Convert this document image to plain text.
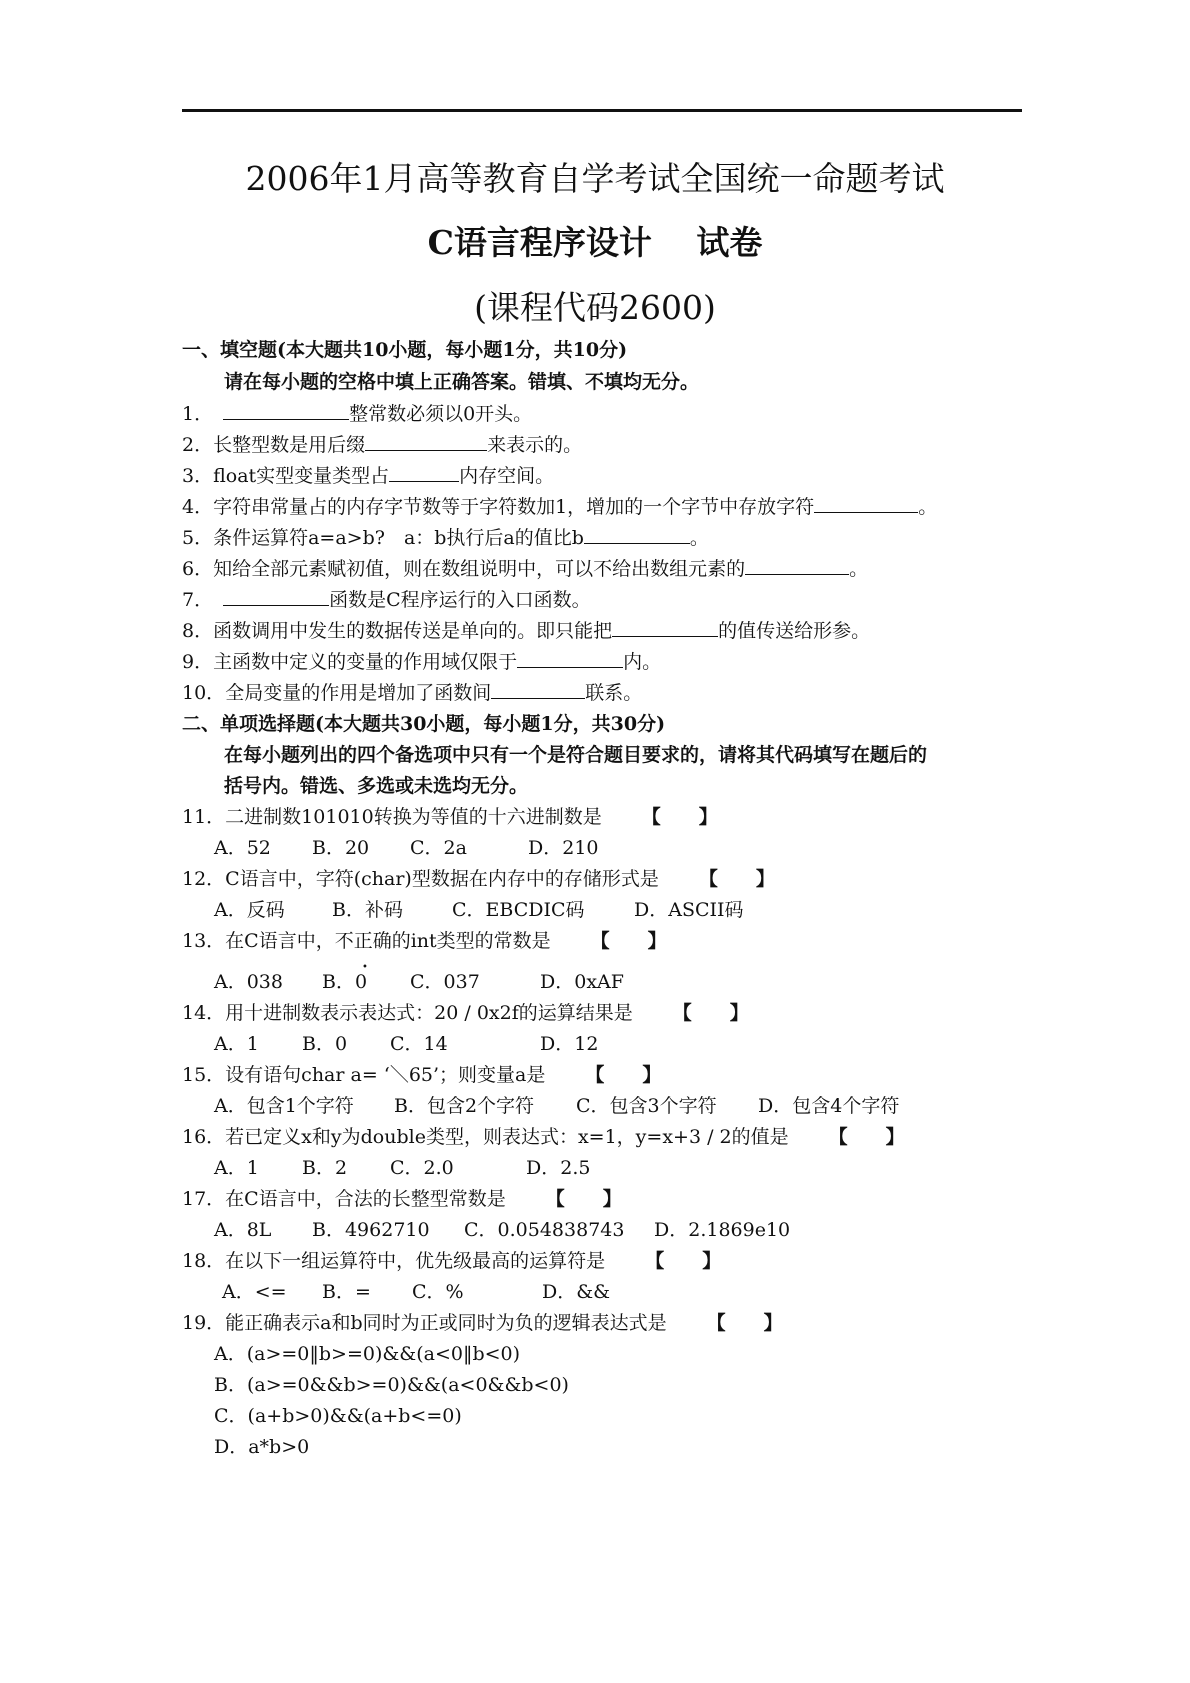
2006年1月高等教育自学考试全国统一命题考试
C语言程序设计　 试卷
(课程代码2600)
一、填空题(本大题共10小题，每小题1分，共10分)
请在每小题的空格中填上正确答案。错填、不填均无分。
1．	整常数必须以0开头。
2．长整型数是用后缀	来表示的。
3．float实型变量类型占	内存空间。
4．字符串常量占的内存字节数等于字符数加1，增加的一个字节中存放字符	。
5．条件运算符a=a>b?　a：b执行后a的值比b	。
6．知给全部元素赋初值，则在数组说明中，可以不给出数组元素的	。
7．	函数是C程序运行的入口函数。
8．函数调用中发生的数据传送是单向的。即只能把	的值传送给形参。
9．主函数中定义的变量的作用域仅限于	内。
10．全局变量的作用是增加了函数间	联系。
二、单项选择题(本大题共30小题，每小题1分，共30分)
在每小题列出的四个备选项中只有一个是符合题目要求的，请将其代码填写在题后的
括号内。错选、多选或未选均无分。
11．二进制数101010转换为等值的十六进制数是 【　　】
A．52 B．20 C．2a	D．210
12．C语言中，字符(char)型数据在内存中的存储形式是 【　　】
A．反码 B．补码	C．EBCDIC码	D．ASCII码
13．在C语言中，不正确的int类型的常数是 【　　】
•
A．038 B．0 C．037	D．0xAF
14．用十进制数表示表达式：20 / 0x2f的运算结果是 【　　】
A．1 B．0 C．14	D．12
15．设有语句char a= ‘＼65’；则变量a是 【　　】
A．包含1个字符 B．包含2个字符 C．包含3个字符 D．包含4个字符
16．若已定义x和y为double类型，则表达式：x=1，y=x+3 / 2的值是 【　　】
A．1 B．2 C．2.0	D．2.5
17．在C语言中，合法的长整型常数是 【　　】
A．8L B．4962710 C．0.054838743 D．2.1869e10
18．在以下一组运算符中，优先级最高的运算符是 【　　】
A．<= B．= C．%	D．&&
19．能正确表示a和b同时为正或同时为负的逻辑表达式是 【　　】
A．(a>=0‖b>=0)&&(a<0‖b<0)
B．(a>=0&&b>=0)&&(a<0&&b<0)
C．(a+b>0)&&(a+b<=0)
D．a*b>0
